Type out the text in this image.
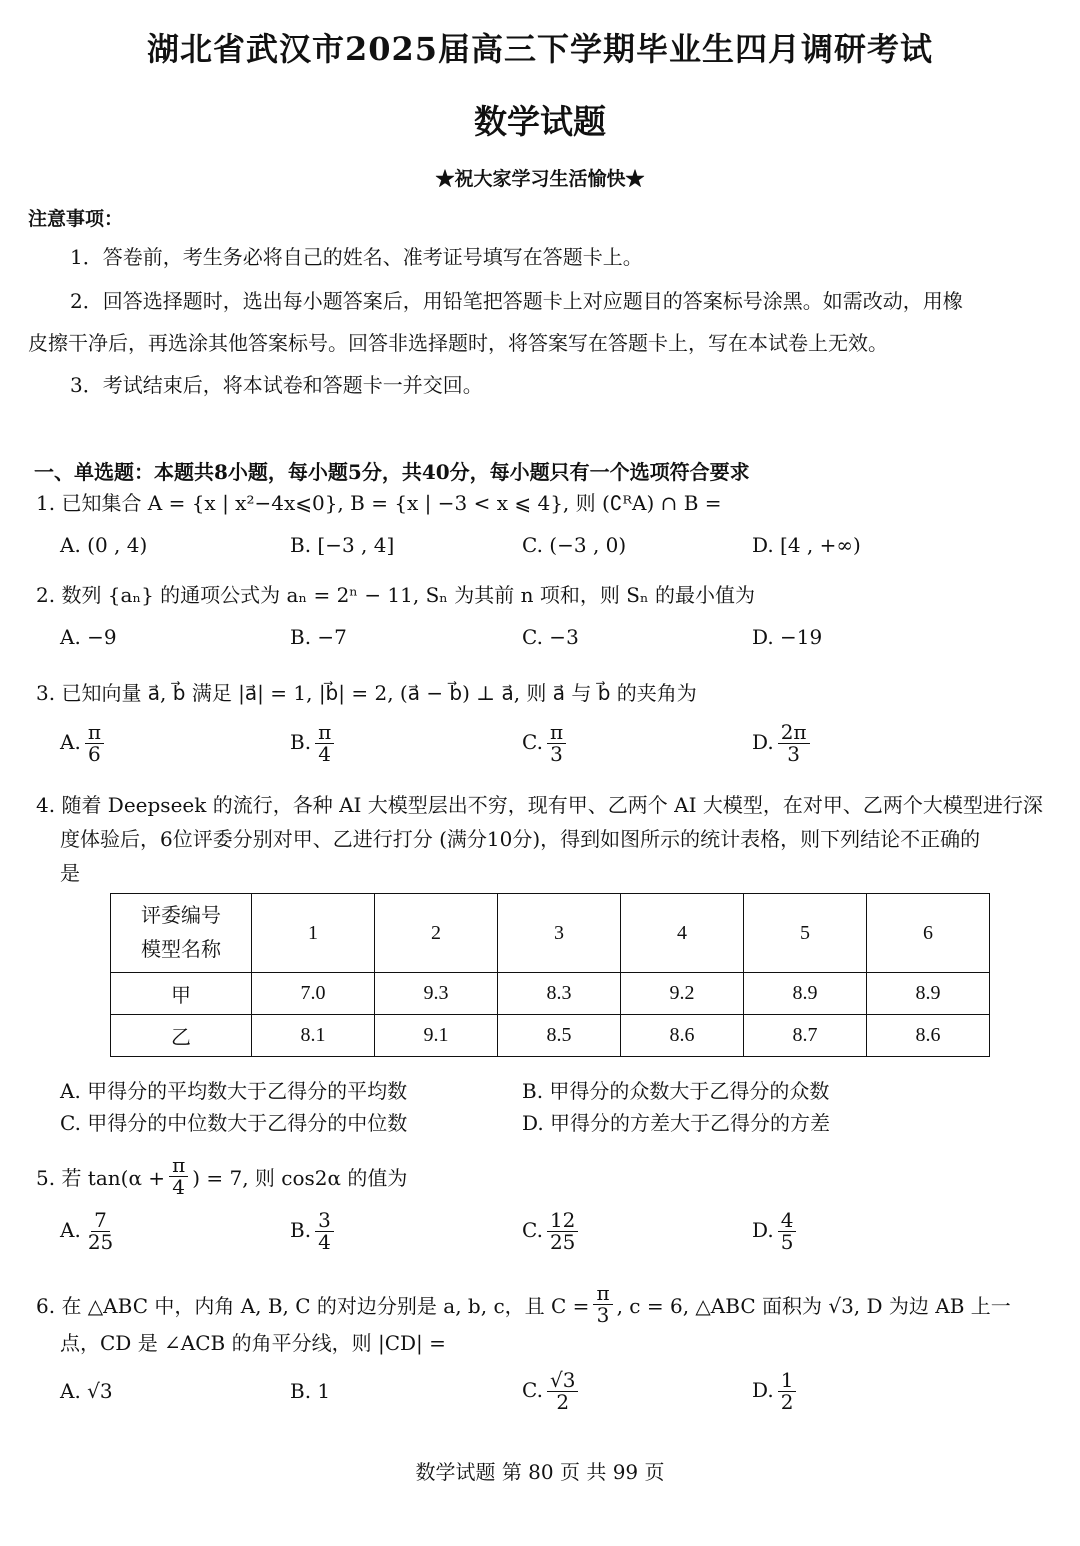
湖北省武汉市2025届高三下学期毕业生四月调研考试
数学试题
★祝大家学习生活愉快★
注意事项：
1．答卷前，考生务必将自己的姓名、准考证号填写在答题卡上。
2．回答选择题时，选出每小题答案后，用铅笔把答题卡上对应题目的答案标号涂黑。如需改动，用橡
皮擦干净后，再选涂其他答案标号。回答非选择题时，将答案写在答题卡上，写在本试卷上无效。
3．考试结束后，将本试卷和答题卡一并交回。
一、单选题：本题共8小题，每小题5分，共40分，每小题只有一个选项符合要求
1. 已知集合 A = {x | x²−4x⩽0}, B = {x | −3 < x ⩽ 4}, 则 (∁ᴿA) ∩ B =
A. (0 , 4)	B. [−3 , 4]	C. (−3 , 0)	D. [4 , +∞)
2. 数列 {aₙ} 的通项公式为 aₙ = 2ⁿ − 11, Sₙ 为其前 n 项和，则 Sₙ 的最小值为
A. −9	B. −7	C. −3	D. −19
3. 已知向量 a⃗, b⃗ 满足 |a⃗| = 1, |b⃗| = 2, (a⃗ − b⃗) ⊥ a⃗, 则 a⃗ 与 b⃗ 的夹角为
A. $\frac{\pi}{6}$	B. $\frac{\pi}{4}$	C. $\frac{\pi}{3}$	D. $\frac{2\pi}{3}$
4. 随着 Deepseek 的流行，各种 AI 大模型层出不穷，现有甲、乙两个 AI 大模型，在对甲、乙两个大模型进行深
度体验后，6位评委分别对甲、乙进行打分 (满分10分)，得到如图所示的统计表格，则下列结论不正确的
是
评委编号
模型名称	1	2	3	4	5	6
甲	7.0	9.3	8.3	9.2	8.9	8.9
乙	8.1	9.1	8.5	8.6	8.7	8.6
A. 甲得分的平均数大于乙得分的平均数	B. 甲得分的众数大于乙得分的众数
C. 甲得分的中位数大于乙得分的中位数	D. 甲得分的方差大于乙得分的方差
5. 若 $\tan(\alpha + \frac{\pi}{4}$ ) = 7, 则 cos2α 的值为
A. $\frac{7}{25}$	B. $\frac{3}{4}$	C. $\frac{12}{25}$	D. $\frac{4}{5}$
6. 在 △ABC 中，内角 A, B, C 的对边分别是 a, b, c，且 $C = \frac{\pi}{3}$ , c = 6, △ABC 面积为 √3, D 为边 AB 上一
点，CD 是 ∠ACB 的角平分线，则 |CD| =
A. √3	B. 1	C. $\frac{√3}{2}$	D. $\frac{1}{2}$
数学试题 第 80 页 共 99 页
